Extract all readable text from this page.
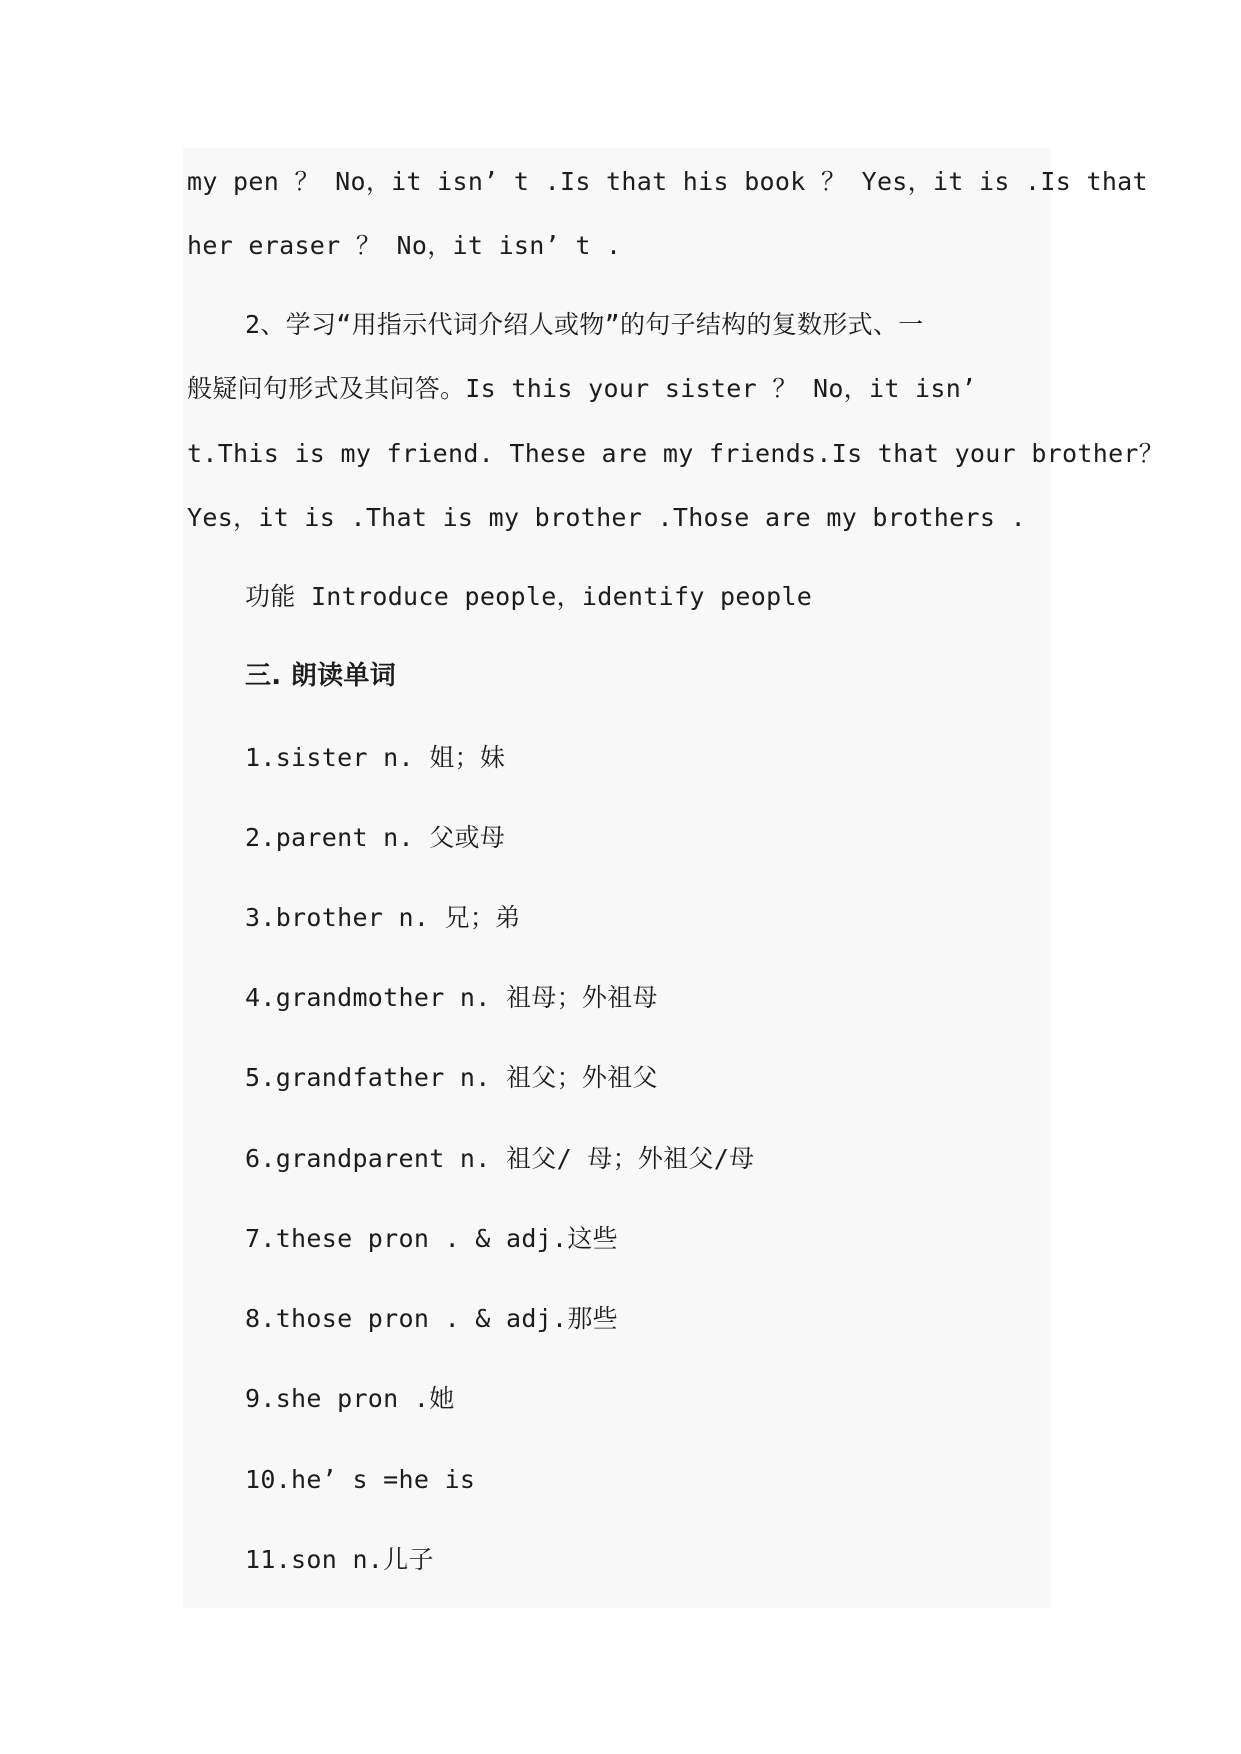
my pen ？ No，it isn’ t .Is that his book ？ Yes，it is .Is that
her eraser ？ No，it isn’ t .
2、学习“用指示代词介绍人或物”的句子结构的复数形式、一
般疑问句形式及其问答。Is this your sister ？ No，it isn’
t.This is my friend. These are my friends.Is that your brother？
Yes，it is .That is my brother .Those are my brothers .
功能 Introduce people，identify people
三. 朗读单词
1.sister n. 姐；妹
2.parent n. 父或母
3.brother n. 兄；弟
4.grandmother n. 祖母；外祖母
5.grandfather n. 祖父；外祖父
6.grandparent n. 祖父/ 母；外祖父/母
7.these pron . & adj.这些
8.those pron . & adj.那些
9.she pron .她
10.he’ s =he is
11.son n.儿子
